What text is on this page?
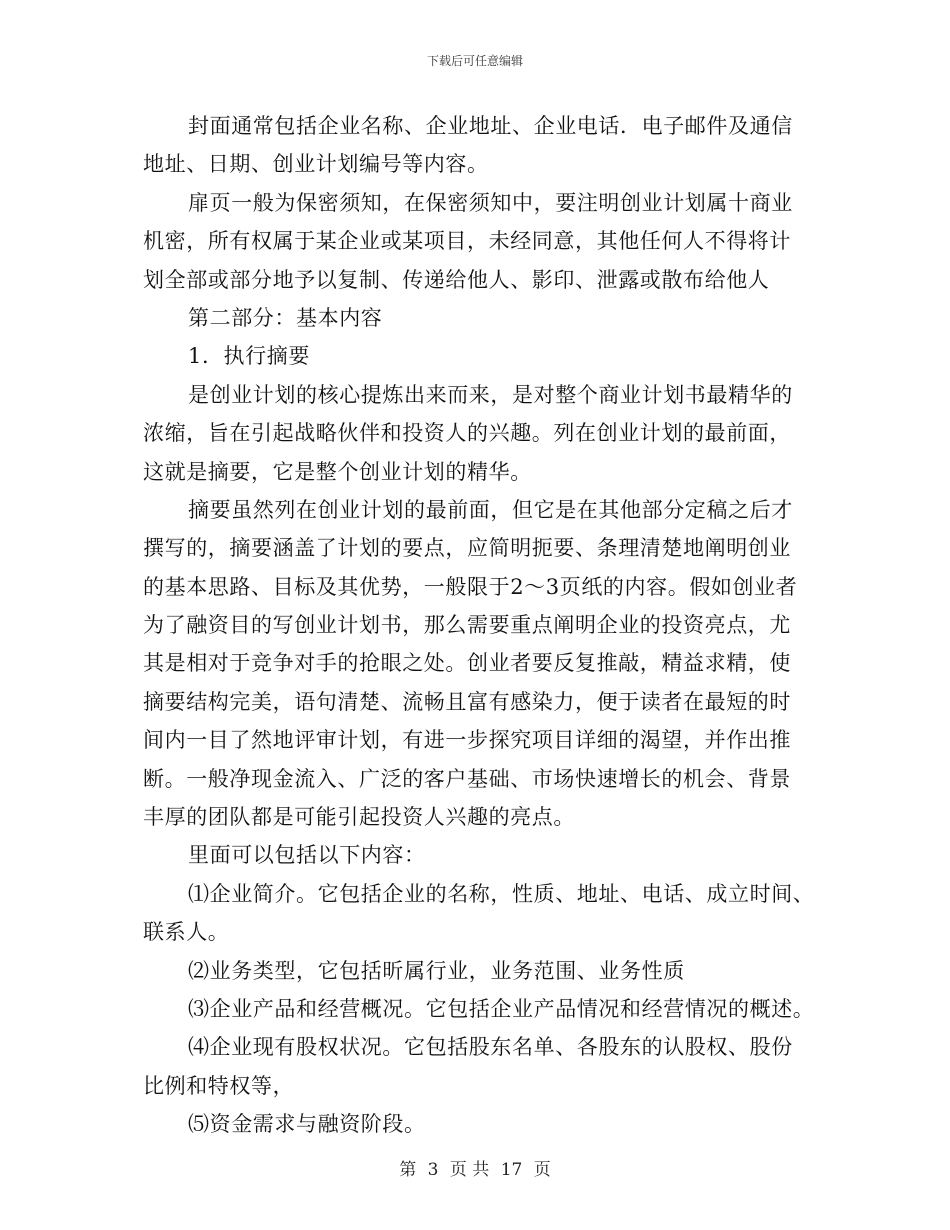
下载后可任意编辑
封面通常包括企业名称、企业地址、企业电话．电子邮件及通信
地址、日期、创业计划编号等内容。
扉页一般为保密须知，在保密须知中，要注明创业计划属十商业
机密，所有权属于某企业或某项目，未经同意，其他任何人不得将计
划全部或部分地予以复制、传递给他人、影印、泄露或散布给他人
第二部分：基本内容
1．执行摘要
是创业计划的核心提炼出来而来，是对整个商业计划书最精华的
浓缩，旨在引起战略伙伴和投资人的兴趣。列在创业计划的最前面，
这就是摘要，它是整个创业计划的精华。
摘要虽然列在创业计划的最前面，但它是在其他部分定稿之后才
撰写的，摘要涵盖了计划的要点，应简明扼要、条理清楚地阐明创业
的基本思路、目标及其优势，一般限于2～3页纸的内容。假如创业者
为了融资目的写创业计划书，那么需要重点阐明企业的投资亮点，尤
其是相对于竞争对手的抢眼之处。创业者要反复推敲，精益求精，使
摘要结构完美，语句清楚、流畅且富有感染力，便于读者在最短的时
间内一目了然地评审计划，有进一步探究项目详细的渴望，并作出推
断。一般净现金流入、广泛的客户基础、市场快速增长的机会、背景
丰厚的团队都是可能引起投资人兴趣的亮点。
里面可以包括以下内容：
⑴企业简介。它包括企业的名称，性质、地址、电话、成立时间、
联系人。
⑵业务类型，它包括昕属行业，业务范围、业务性质
⑶企业产品和经营概况。它包括企业产品情况和经营情况的概述。
⑷企业现有股权状况。它包括股东名单、各股东的认股权、股份
比例和特权等，
⑸资金需求与融资阶段。
第 3 页 共 17 页
